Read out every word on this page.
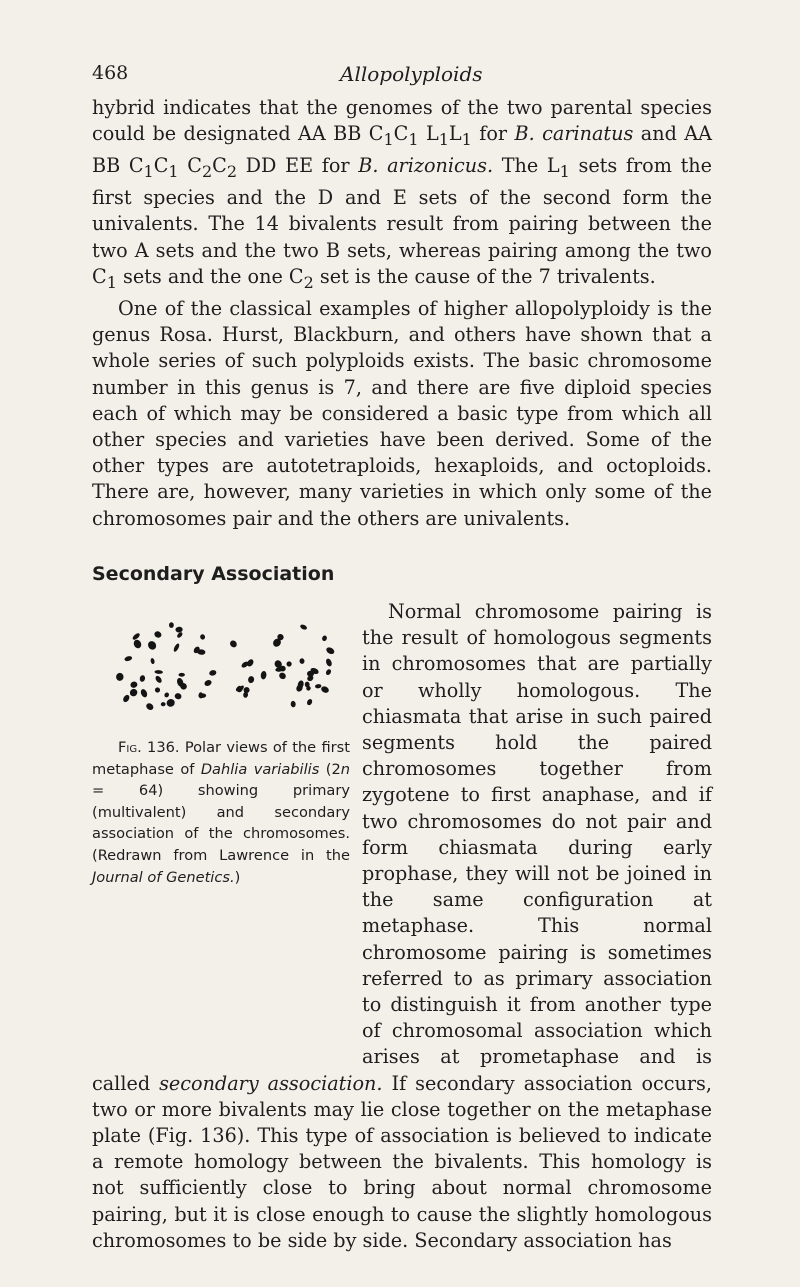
468	Allopolyploids

hybrid indicates that the genomes of the two parental species could be designated AA BB $C_1C_1$ $L_1L_1$ for B. carinatus and AA BB $C_1C_1$ $C_2C_2$ DD EE for B. arizonicus. The $L_1$ sets from the first species and the D and E sets of the second form the univalents. The 14 bivalents result from pairing between the two A sets and the two B sets, whereas pairing among the two $C_1$ sets and the one $C_2$ set is the cause of the 7 trivalents.

One of the classical examples of higher allopolyploidy is the genus Rosa. Hurst, Blackburn, and others have shown that a whole series of such polyploids exists. The basic chromosome number in this genus is 7, and there are five diploid species each of which may be considered a basic type from which all other species and varieties have been derived. Some of the other types are autotetraploids, hexaploids, and octoploids. There are, however, many varieties in which only some of the chromosomes pair and the others are univalents.

Secondary Association

Fig. 136. Polar views of the first metaphase of Dahlia variabilis (2n = 64) showing primary (multivalent) and secondary association of the chromosomes. (Redrawn from Lawrence in the Journal of Genetics.)
Normal chromosome pairing is the result of homologous segments in chromosomes that are partially or wholly homologous. The chiasmata that arise in such paired segments hold the paired chromosomes together from zygotene to first anaphase, and if two chromosomes do not pair and form chiasmata during early prophase, they will not be joined in the same configuration at metaphase. This normal chromosome pairing is sometimes referred to as primary association to distinguish it from another type of chromosomal association which arises at prometaphase and is called secondary association. If secondary association occurs, two or more bivalents may lie close together on the metaphase plate (Fig. 136). This type of association is believed to indicate a remote homology between the bivalents. This homology is not sufficiently close to bring about normal chromosome pairing, but it is close enough to cause the slightly homologous chromosomes to be side by side. Secondary association has
